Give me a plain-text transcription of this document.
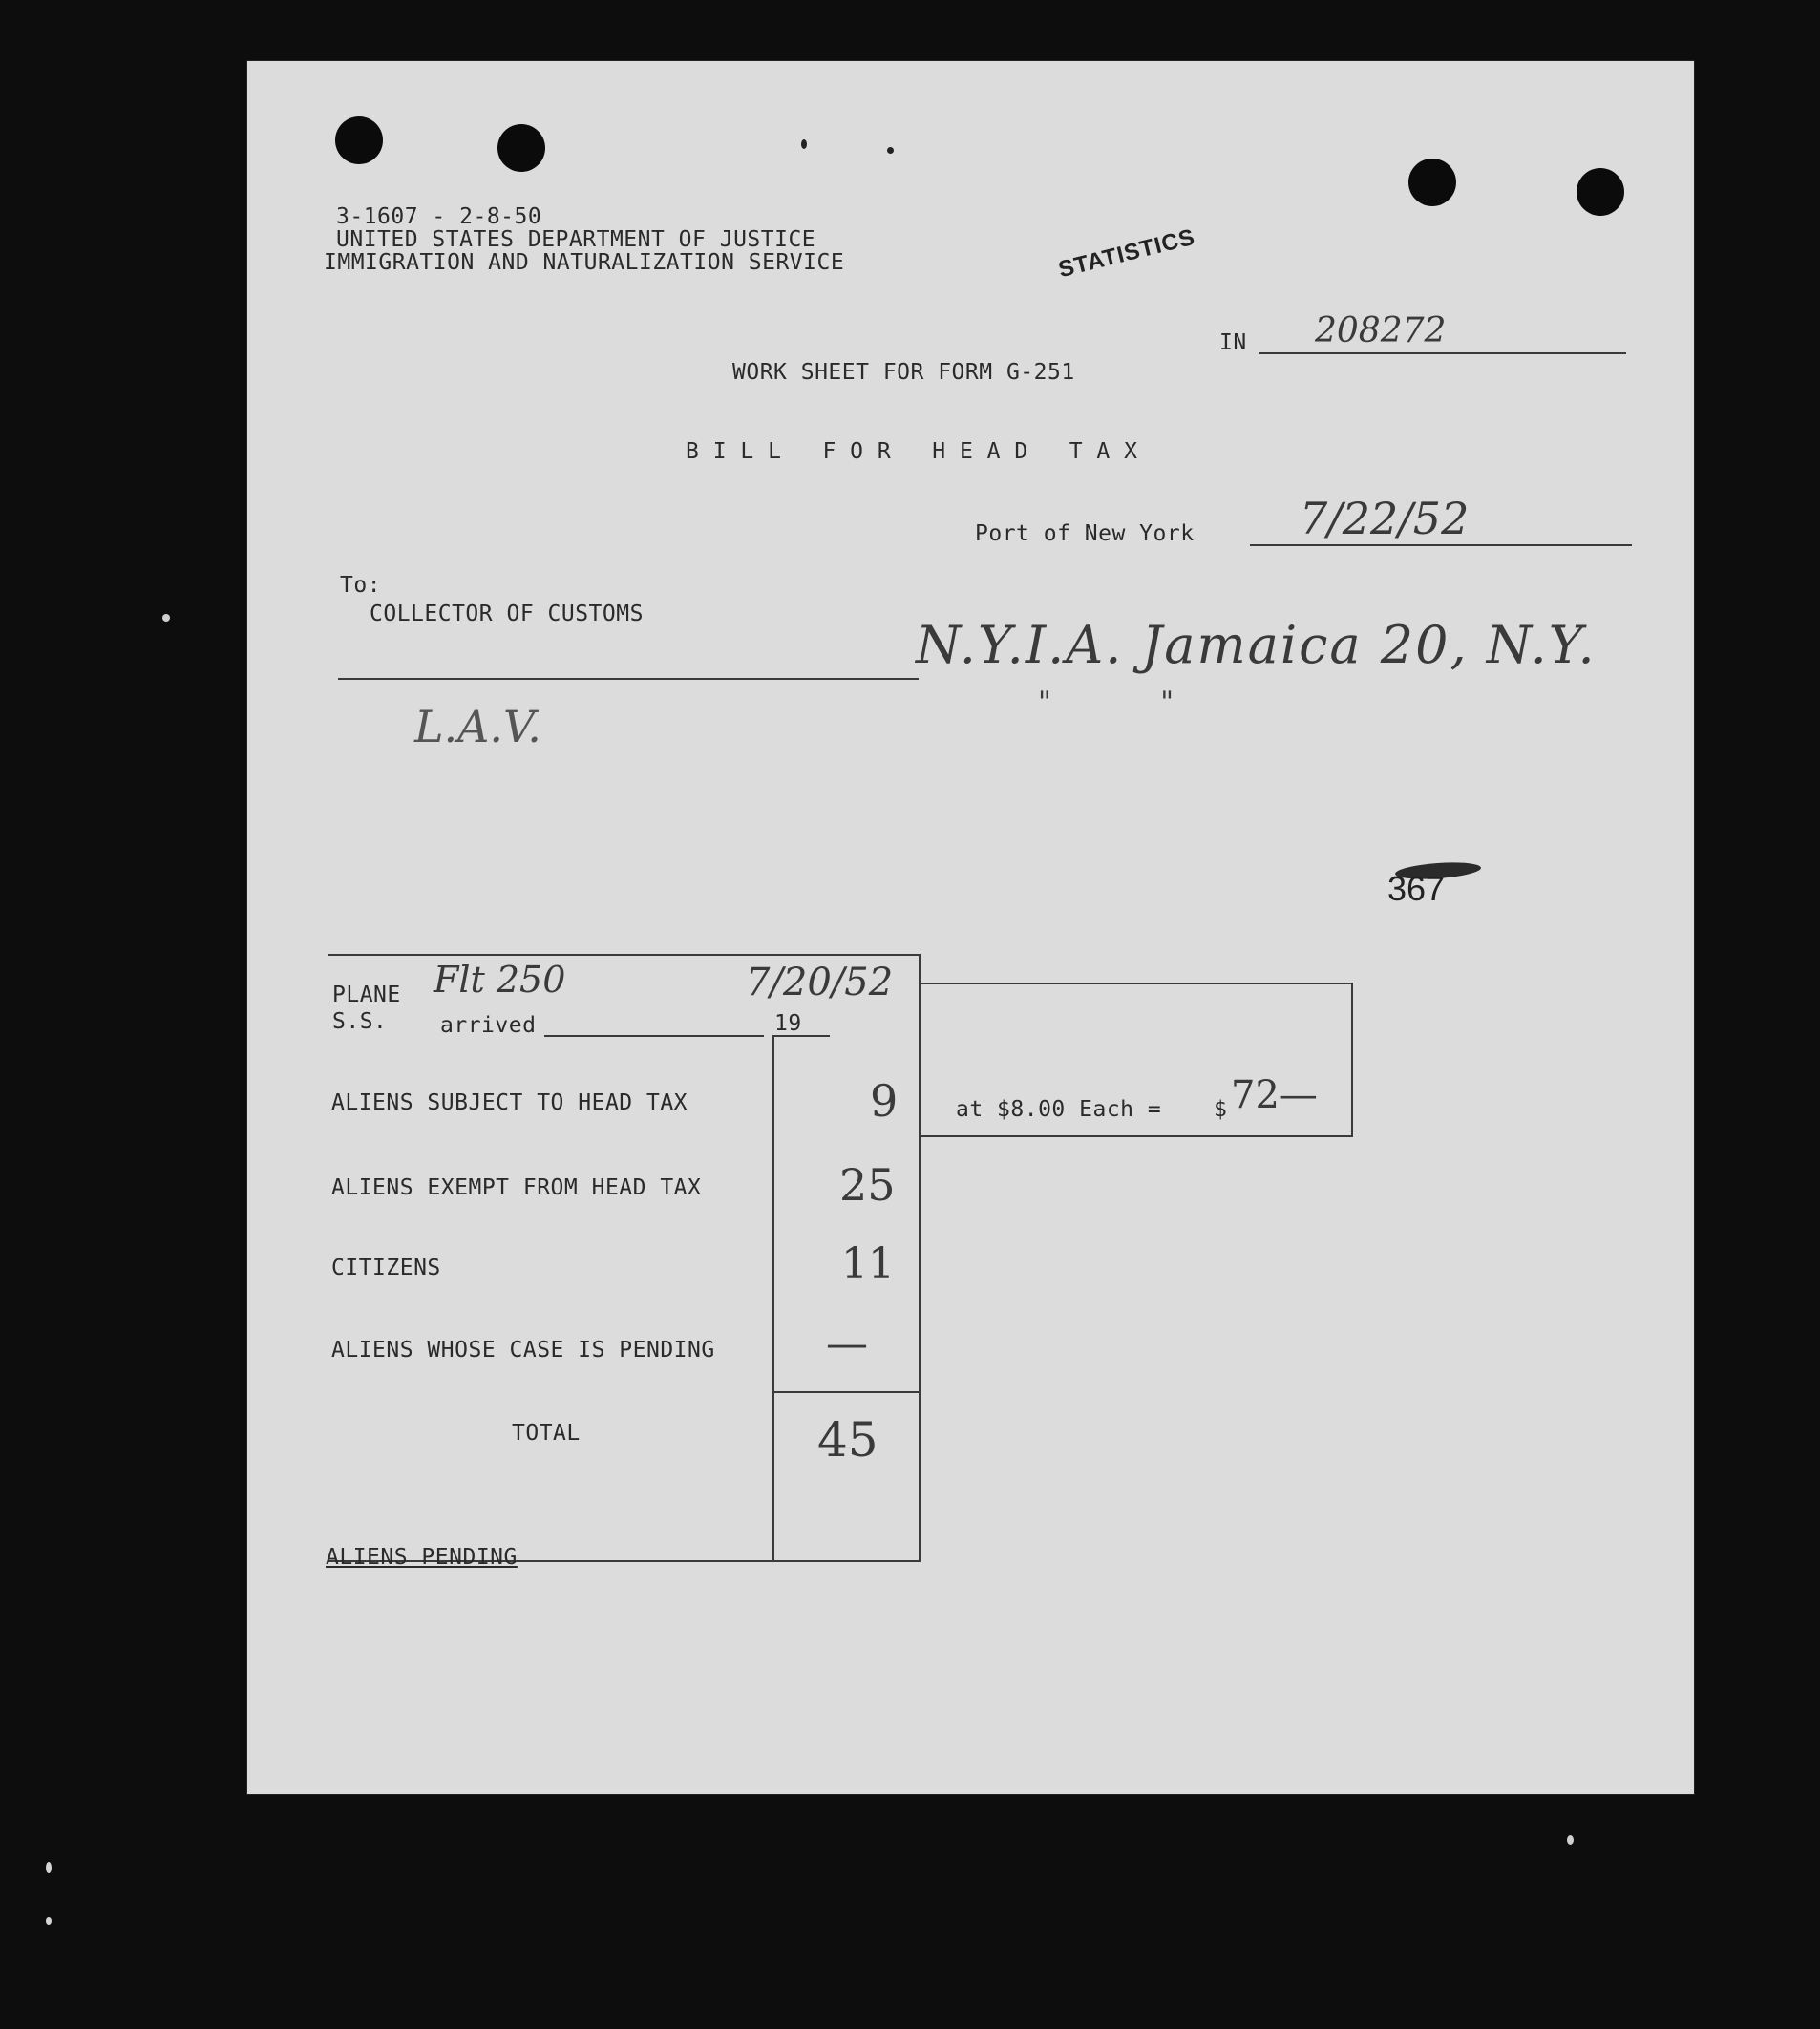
3-1607 - 2-8-50
UNITED STATES DEPARTMENT OF JUSTICE
IMMIGRATION AND NATURALIZATION SERVICE	STATISTICS
IN 208272
WORK SHEET FOR FORM G-251
B I L L   F O R   H E A D   T A X
Port of New York 7/22/52
To:
COLLECTOR OF CUSTOMS
N.Y.I.A. Jamaica 20, N.Y.
"            "
L.A.V.
367
PLANE
S.S. arrived	19
Flt 250	7/20/52
ALIENS SUBJECT TO HEAD TAX	9
ALIENS EXEMPT FROM HEAD TAX	25
CITIZENS	11
ALIENS WHOSE CASE IS PENDING	—
TOTAL	45
at $8.00 Each = $ 72—
ALIENS PENDING
